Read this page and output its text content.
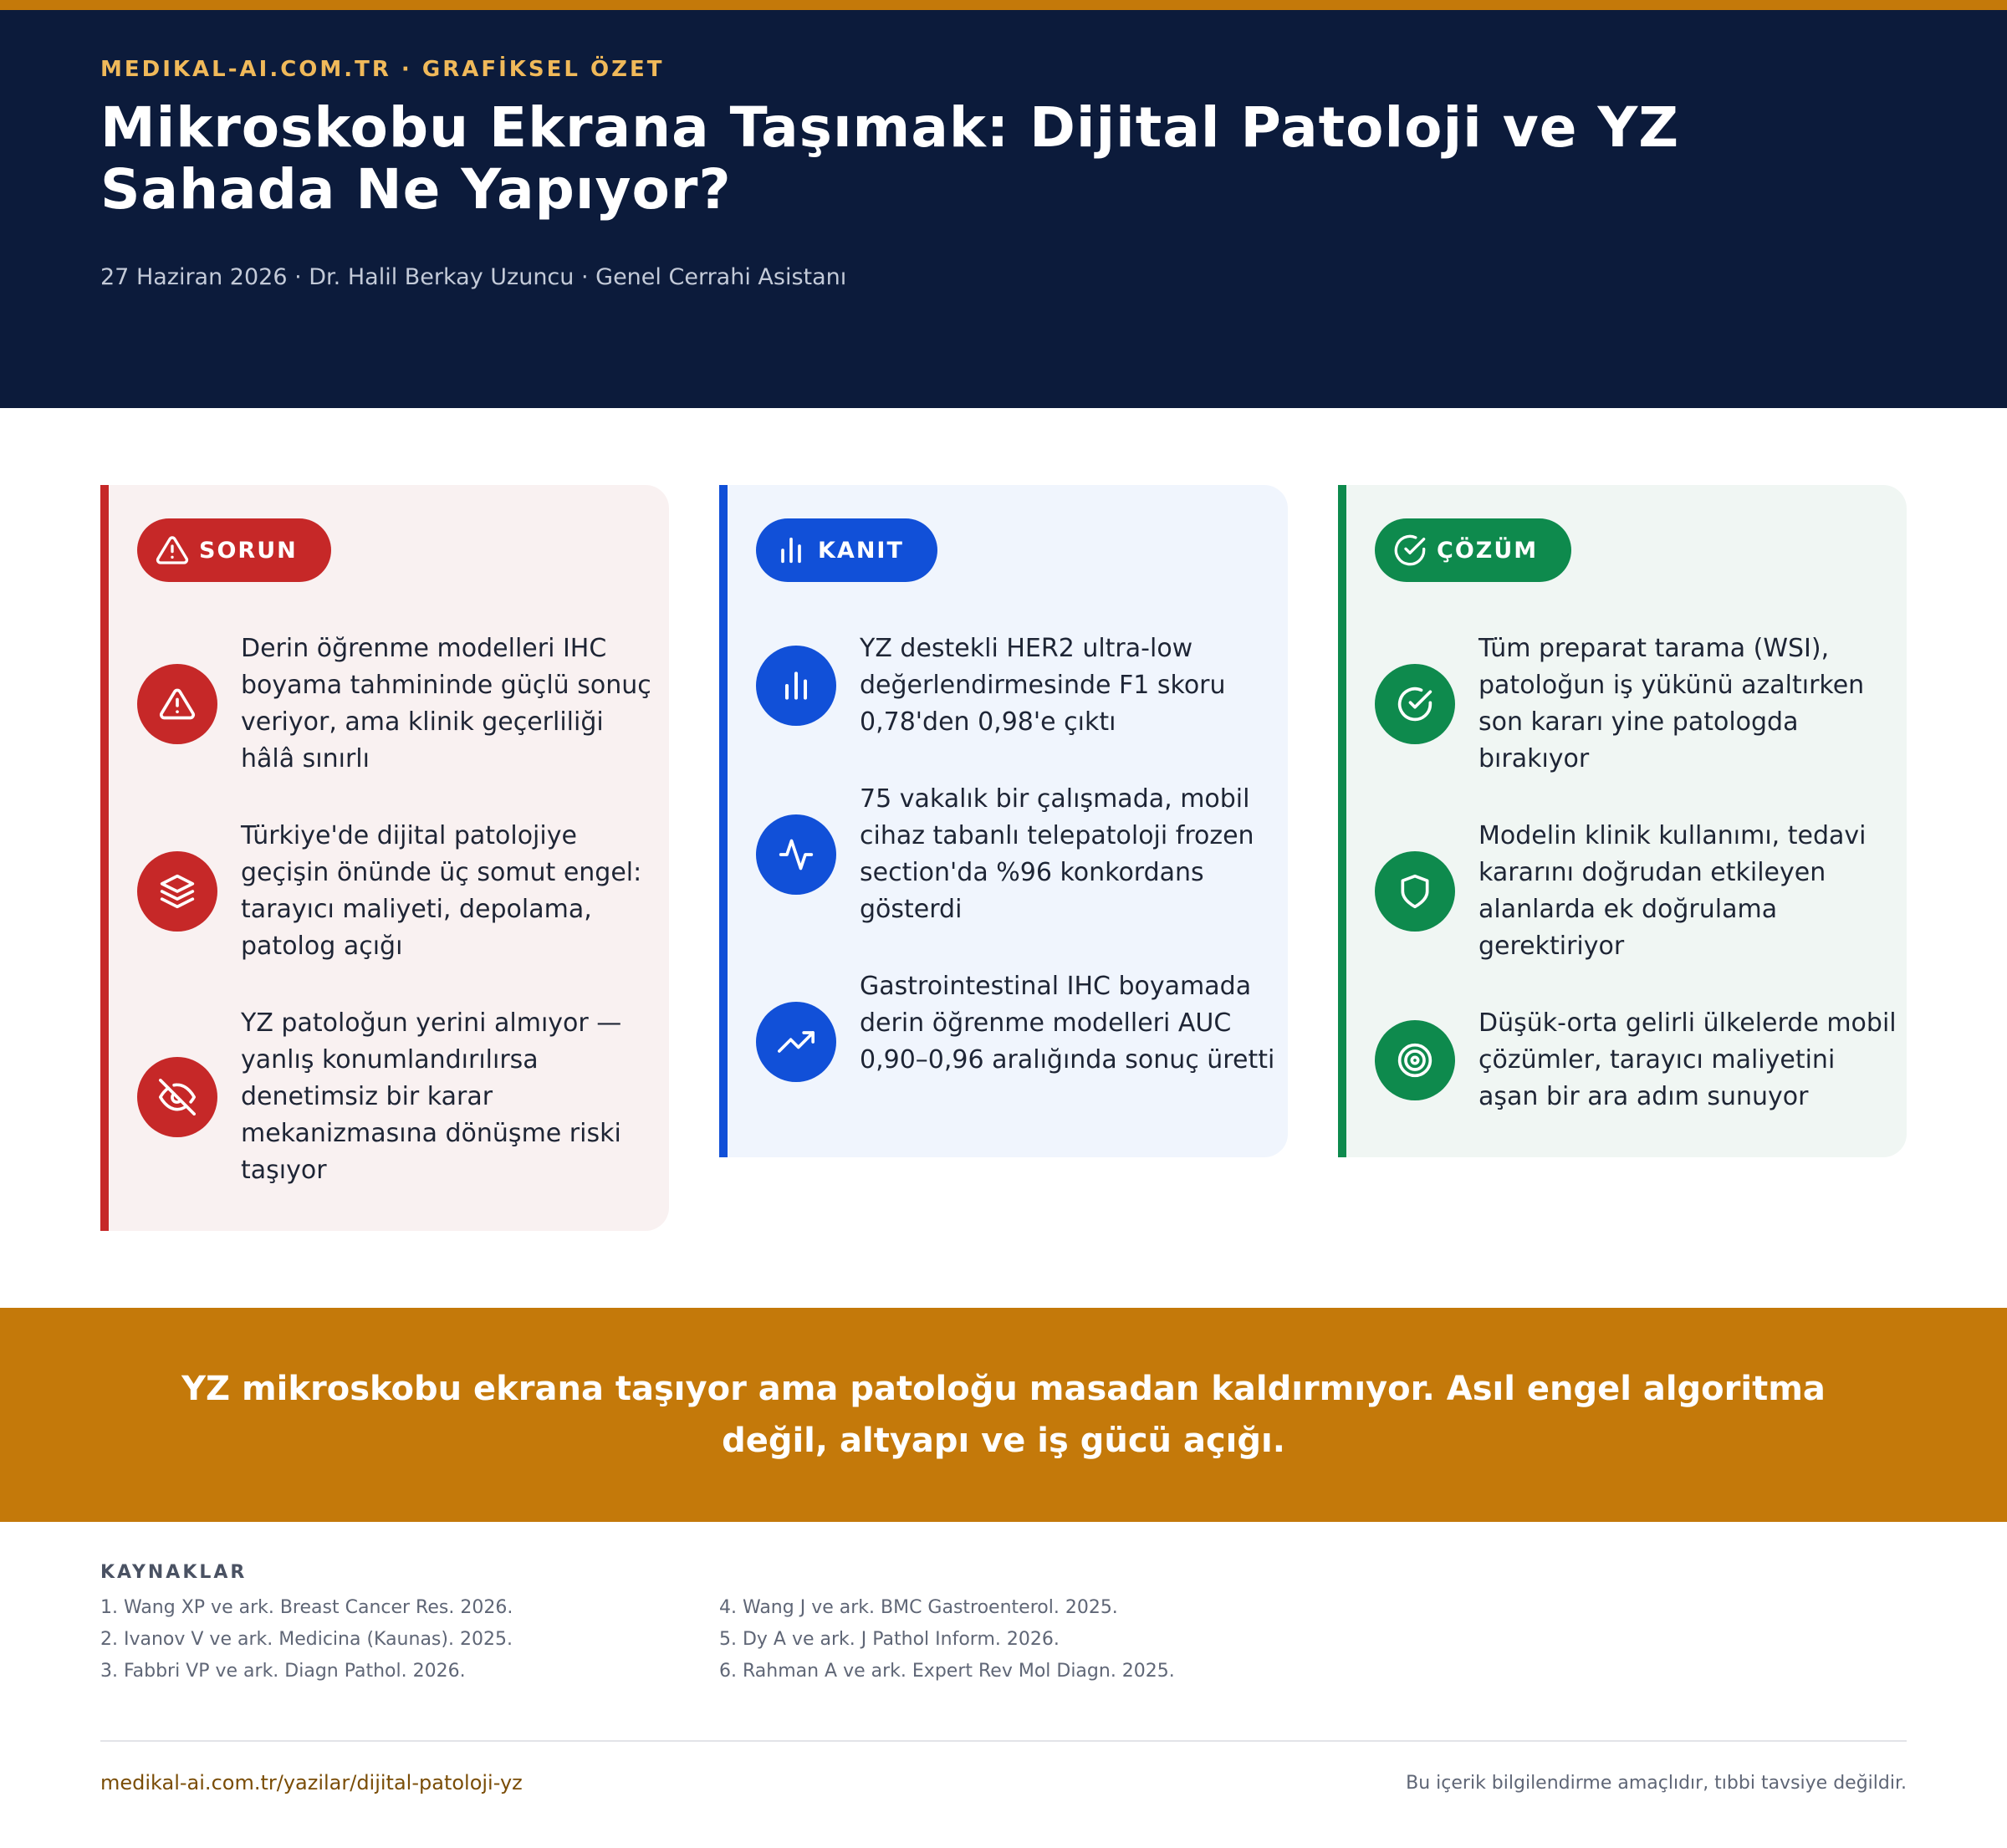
MEDIKAL-AI.COM.TR · GRAFİKSEL ÖZET
Mikroskobu Ekrana Taşımak: Dijital Patoloji ve YZ Sahada Ne Yapıyor?
27 Haziran 2026 · Dr. Halil Berkay Uzuncu · Genel Cerrahi Asistanı
SORUN
Derin öğrenme modelleri IHC boyama tahmininde güçlü sonuç veriyor, ama klinik geçerliliği hâlâ sınırlı
Türkiye'de dijital patolojiye geçişin önünde üç somut engel: tarayıcı maliyeti, depolama, patolog açığı
YZ patoloğun yerini almıyor — yanlış konumlandırılırsa denetimsiz bir karar mekanizmasına dönüşme riski taşıyor
KANIT
YZ destekli HER2 ultra-low değerlendirmesinde F1 skoru 0,78'den 0,98'e çıktı
75 vakalık bir çalışmada, mobil cihaz tabanlı telepatoloji frozen section'da %96 konkordans gösterdi
Gastrointestinal IHC boyamada derin öğrenme modelleri AUC 0,90–0,96 aralığında sonuç üretti
ÇÖZÜM
Tüm preparat tarama (WSI), patoloğun iş yükünü azaltırken son kararı yine patologda bırakıyor
Modelin klinik kullanımı, tedavi kararını doğrudan etkileyen alanlarda ek doğrulama gerektiriyor
Düşük-orta gelirli ülkelerde mobil çözümler, tarayıcı maliyetini aşan bir ara adım sunuyor

YZ mikroskobu ekrana taşıyor ama patoloğu masadan kaldırmıyor. Asıl engel algoritma değil, altyapı ve iş gücü açığı.

KAYNAKLAR
1. Wang XP ve ark. Breast Cancer Res. 2026.
2. Ivanov V ve ark. Medicina (Kaunas). 2025.
3. Fabbri VP ve ark. Diagn Pathol. 2026.
4. Wang J ve ark. BMC Gastroenterol. 2025.
5. Dy A ve ark. J Pathol Inform. 2026.
6. Rahman A ve ark. Expert Rev Mol Diagn. 2025.
medikal-ai.com.tr/yazilar/dijital-patoloji-yz	Bu içerik bilgilendirme amaçlıdır, tıbbi tavsiye değildir.
